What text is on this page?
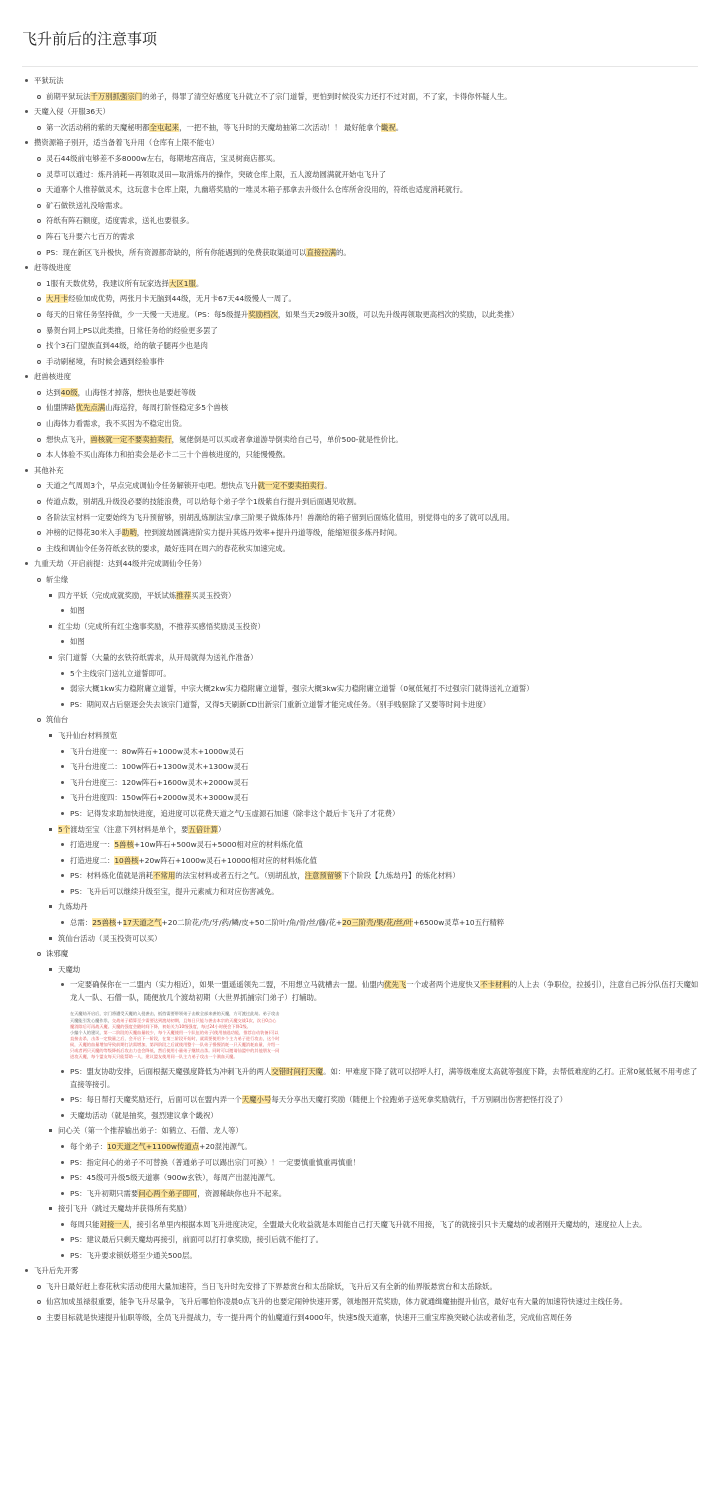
飞升前后的注意事项
平狱玩法
前期平狱玩法千万别抓强宗门的弟子，得罪了清空好感度飞升就立不了宗门道誓，更怕到时候没实力还打不过对面，不了家，卡得你怀疑人生。
天魔入侵（开服36天）
第一次活动稍的紫的天魔秘明都全屯起来，一把不抽，等飞升时的天魔劫抽第二次活动！！ 最好能拿个畿祝。
攒资源箱子别开，适当备着飞升用（仓库有上限不能屯）
灵石44级前屯够差不多8000w左右，每期地宫商店，宝灵树商店都买。
灵草可以通过：炼丹消耗—再领取灵田—取消炼丹的操作，突破仓库上限，五人渡劫圆满就开始屯飞升了
天道寨个人推荐做灵术，这玩意卡仓库上限，九幽塔奖励的一堆灵木箱子那拿去升级什么仓库所舍没用的，符纸也适度消耗就行。
矿石做铁送礼没啥需求。
符纸有阵石额度，适度需求，送礼也要很多。
阵石飞升要六七百万的需求
PS：现在新区飞升极快，所有资源都奇缺的，所有你能遇到的免费获取渠道可以直接拉满的。
赶等级进度
1服有天数优势，我建议所有玩家选择大区1服。
大月卡经验加成优势，两张月卡无脑到44级，无月卡67天44级慢人一周了。
每天的日常任务坚持做，少一天慢一天进度。（PS：每5级提升奖励档次，如果当天29级升30级，可以先升级再领取更高档次的奖励，以此类推）
暴贺台同上PS以此类推，日常任务给的经验更多罢了
找个3石门望族直到44级，给的敏子腿再少也是肉
手动刷秘境，有时候会遇到经验事件
赶兽核进度
达到40级，山海怪才掉落，想快也是要赶等级
仙盟牌路优先点满山海巡狩，每周打阶怪稳定多5个兽核
山海体力看需求，我不买因为不稳定出货。
想快点飞升，兽核就一定不要卖拍卖行，氪佬倒是可以买或者拿道游导倒卖给自己号，单价500-就是性价比。
本人体验不买山海体力和拍卖会是必卡二三十个兽核进度的，只能慢慢熬。
其他补充
天道之气周周3个，早点完成调仙令任务解锁开屯吧。想快点飞升就一定不要卖拍卖行。
传道点数，别胡乱升级没必要的技能浪费，可以给每个弟子学个1级紫自行提升到后面遇见收割。
各阶法宝材料一定要始终为飞升预留够，别胡乱炼制法宝/拿三阶果子做炼体丹！兽潮给的箱子留到后面炼化值用，别觉得屯的多了就可以乱用。
冲榜的记得花30米入手助哟，控到渡劫圆满进阶实力提升其炼丹效率+提升丹道等级，能缩短很多炼丹时间。
主线和调仙令任务符纸玄铁的要求，最好连同在周六的春花秋实加速完成。
九重天劫（开启前提：达到44级并完成调仙令任务）
斩尘缘
四方平妖（完成成就奖励，平妖试炼推荐买灵玉投资）
如图
红尘劫（完成所有红尘逸事奖励，不推荐买感悟奖励灵玉投资）
如图
宗门道誓（大量的玄铁符纸需求，从开局就得为送礼作准备）
5个主线宗门送礼立道誓即可。
弱宗大概1kw实力稳附庸立道誓，中宗大概2kw实力稳附庸立道誓，强宗大概3kw实力稳附庸立道誓（0氪低氪打不过强宗门就得送礼立道誓）
PS：期间双占后驱逐会失去该宗门道誓，又得5天刷新CD出新宗门重新立道誓才能完成任务。（别手贱驱除了又要等时间卡进度）
筑仙台
飞升仙台材料预览
飞升台进度一：80w阵石+1000w灵木+1000w灵石
飞升台进度二：100w阵石+1300w灵木+1300w灵石
飞升台进度三：120w阵石+1600w灵木+2000w灵石
飞升台进度四：150w阵石+2000w灵木+3000w灵石
PS：记得发求助加快进度，追进度可以花费天道之气/玉虚源石加速（除非这个最后卡飞升了才花费）
5个渡劫至宝（注意下列材料是单个，要五倍计算）
打造进度一：5兽核+10w阵石+500w灵石+5000相对应的材料炼化值
打造进度二：10兽核+20w阵石+1000w灵石+10000相对应的材料炼化值
PS：材料炼化值就是消耗不常用的法宝材料或者五行之气。（别胡乱放，注意预留够下个阶段【九炼劫丹】的炼化材料）
PS：飞升后可以继续升级至宝，提升元素威力和对应伤害减免。
九炼劫丹
总需：25兽核+17天道之气+20二阶花/壳/牙/药/鳞/皮+50二阶叶/角/骨/丝/藤/花+20三阶壳/果/花/丝/叶+6500w灵草+10五行精粹
筑仙台活动（灵玉投资可以买）
诛邪魔
天魔劫
一定要确保你在一二盟内（实力相近），如果一盟遥遥领先二盟，不用想立马就槽去一盟。仙盟内优先飞一个或者两个进度快又不卡材料的人上去（争职位，拉援引），注意自己拆分队伍打天魔如龙人一队、石僧一队，随便放几个渡劫初期（大世界抓捕宗门弟子）打辅助。
在天魔劫开启后，宗门将遭受天魔的入侵袭击，抵挡需要带领弟子击败全部来袭的天魔，方可渡过此劫。弟子攻击天魔能引发心魔作祟，交战弟子精算至少需要达到渡劫初期，且每日只能与袭击本宗的天魔交战1次，次日0点心魔消除后可再战天魔。天魔的强度会随时间下降，初始关为10级强度，每过24小时便会下降1级。
小编个人的建议，第一二阶段的天魔血量较少，每个天魔使用一个队伍的弟子(使用抽选功能，推荐自动装备)可以直接击杀，击杀一定数量之后，会开启下一阶段，在第三阶段开始时，就需要使用多个主力弟子进行攻击，这个时候，天魔的血量增加导致前期打法需增加，第四阶段之后就使用整个一队弟子慢慢消耗一只天魔消耗血量，介绍一只或者两只天魔的等级降低后攻击力也会降低，然后使用小量弟子继续击杀。同时可以邀请仙盟中的其他朋友一同进攻天魔，每个盟友每天只能帮助一人，建议盟友使用同一队主力弟子攻击一个满血天魔。
PS：盟友协助安排，后面根据天魔强度降低为冲刺飞升的两人交错时间打天魔。如：甲难度下降了就可以招呼人打，满等级难度太高就等强度下降，去帮低难度的乙打。正常0氪低氪不用考虑了直接等接引。
PS：每日帮打天魔奖励还行，后面可以在盟内弄一个天魔小号每天分享出天魔打奖励（随便上个拉跑弟子送死拿奖励就行，千万别刷出伤害把怪打没了）
天魔劫活动（就是抽奖，强烈建议拿个畿祝）
问心关（第一个推荐输出弟子：如鹤立、石僧、龙人等）
每个弟子：10天道之气+1100w传道点+20混沌源气。
PS：指定问心的弟子不可替换（普通弟子可以踢出宗门可换）！一定要慎重慎重再慎重！
PS：45级可升级5级天道寨（900w玄铁），每周产出混沌源气。
PS：飞升初期只需要问心两个弟子即可，资源稀缺你也升不起来。
接引飞升（跳过天魔劫并获得所有奖励）
每周只能对接一人，接引名单里内根据本周飞升进度决定，全盟最大化收益就是本周能自己打天魔飞升就不用接，飞了的就接引只卡天魔劫的或者刚开天魔劫的，速度拉人上去。
PS：建议最后只剩天魔劫再接引，前面可以打打拿奖励，接引后就不能打了。
PS：飞升要求锁妖塔至少通关500层。
飞升后先开雾
飞升日最好赶上春花秋实活动使用大量加速符，当日飞升时先安排了下界悬赏台和太岳除妖，飞升后又有全新的仙界版悬赏台和太岳除妖。
仙宫加成虽禄很重要，能争飞升尽量争，飞升后哪怕你凌晨0点飞升的也要定闹钟快速开雾，领地图开荒奖励，体力就通缉魔抽提升仙官，最好屯有大量的加速符快速过主线任务。
主要目标就是快速提升仙职等级，全员飞升提战力，专一提升两个的仙魔道行到4000年，快速5级天道寨，快速开三重宝库换突破心法或者仙芝，完成仙宫周任务
